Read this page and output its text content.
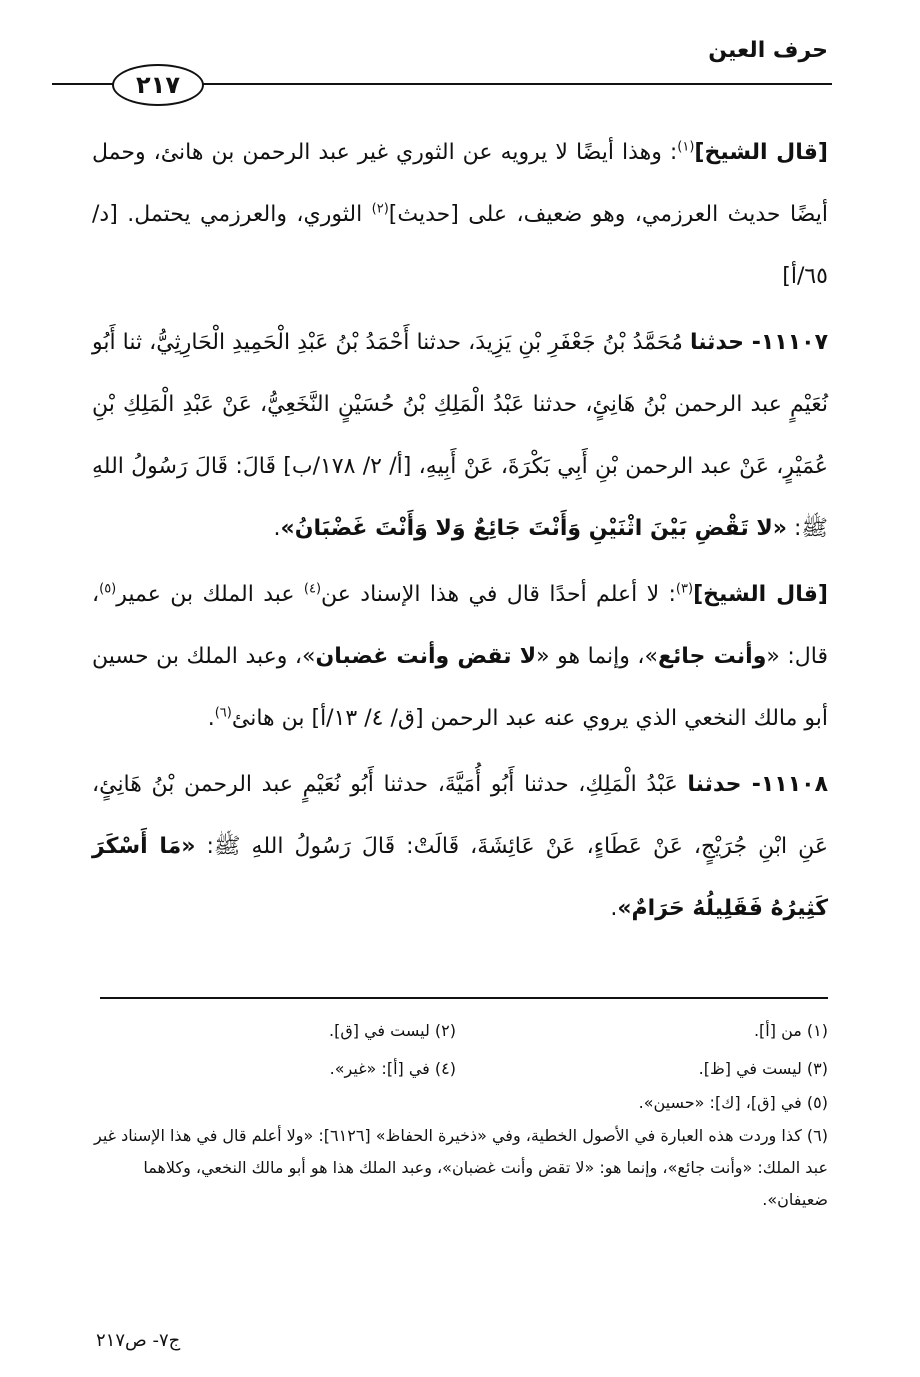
حرف العين
٢١٧

[قال الشيخ]$^{(١)}$: وهذا أيضًا لا يرويه عن الثوري غير عبد الرحمن بن هانئ، وحمل أيضًا حديث العرزمي، وهو ضعيف، على [حديث]$^{(٢)}$ الثوري، والعرزمي يحتمل. [د/ ٦٥/أ]

١١١٠٧- حدثنا مُحَمَّدُ بْنُ جَعْفَرِ بْنِ يَزِيدَ، حدثنا أَحْمَدُ بْنُ عَبْدِ الْحَمِيدِ الْحَارِثِيُّ، ثنا أَبُو نُعَيْمٍ عبد الرحمن بْنُ هَانِئٍ، حدثنا عَبْدُ الْمَلِكِ بْنُ حُسَيْنٍ النَّخَعِيُّ، عَنْ عَبْدِ الْمَلِكِ بْنِ عُمَيْرٍ، عَنْ عبد الرحمن بْنِ أَبِي بَكْرَةَ، عَنْ أَبِيهِ، [أ/ ٢/ ١٧٨/ب] قَالَ: قَالَ رَسُولُ اللهِ ﷺ: «لا تَقْضِ بَيْنَ اثْنَيْنِ وَأَنْتَ جَائِعٌ وَلا وَأَنْتَ غَضْبَانُ».

[قال الشيخ]$^{(٣)}$: لا أعلم أحدًا قال في هذا الإسناد عن$^{(٤)}$ عبد الملك بن عمير$^{(٥)}$، قال: «وأنت جائع»، وإنما هو «لا تقض وأنت غضبان»، وعبد الملك بن حسين أبو مالك النخعي الذي يروي عنه عبد الرحمن [ق/ ٤/ ١٣/أ] بن هانئ$^{(٦)}$.

١١١٠٨- حدثنا عَبْدُ الْمَلِكِ، حدثنا أَبُو أُمَيَّةَ، حدثنا أَبُو نُعَيْمٍ عبد الرحمن بْنُ هَانِئٍ، عَنِ ابْنِ جُرَيْجٍ، عَنْ عَطَاءٍ، عَنْ عَائِشَةَ، قَالَتْ: قَالَ رَسُولُ اللهِ ﷺ: «مَا أَسْكَرَ كَثِيرُهُ فَقَلِيلُهُ حَرَامٌ».

(١) من [أ].
(٢) ليست في [ق].
(٣) ليست في [ظ].
(٤) في [أ]: «غير».
(٥) في [ق]، [ك]: «حسين».
(٦) كذا وردت هذه العبارة في الأصول الخطية، وفي «ذخيرة الحفاظ» [٦١٢٦]: «ولا أعلم قال في هذا الإسناد غير عبد الملك: «وأنت جائع»، وإنما هو: «لا تقض وأنت غضبان»، وعبد الملك هذا هو أبو مالك النخعي، وكلاهما ضعيفان».
ج٧- ص٢١٧
